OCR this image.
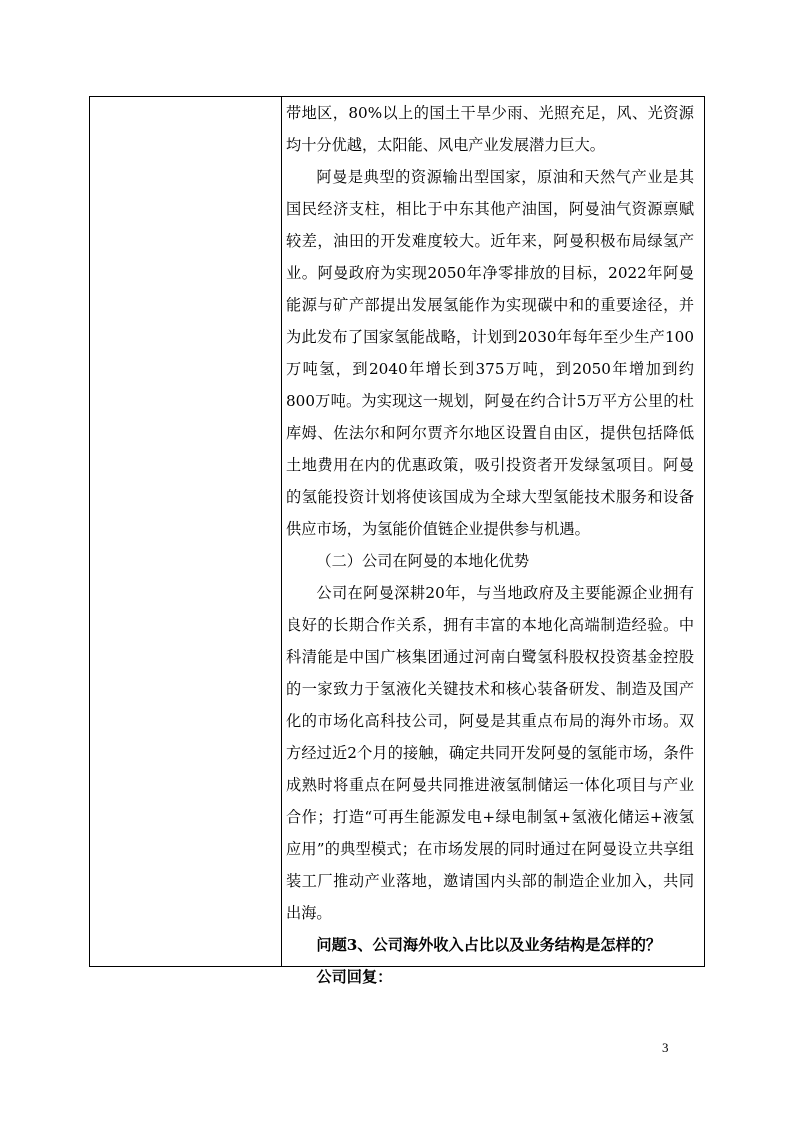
带地区，80%以上的国土干旱少雨、光照充足，风、光资源均十分优越，太阳能、风电产业发展潜力巨大。

阿曼是典型的资源输出型国家，原油和天然气产业是其国民经济支柱，相比于中东其他产油国，阿曼油气资源禀赋较差，油田的开发难度较大。近年来，阿曼积极布局绿氢产业。阿曼政府为实现2050年净零排放的目标，2022年阿曼能源与矿产部提出发展氢能作为实现碳中和的重要途径，并为此发布了国家氢能战略，计划到2030年每年至少生产100万吨氢，到2040年增长到375万吨，到2050年增加到约800万吨。为实现这一规划，阿曼在约合计5万平方公里的杜库姆、佐法尔和阿尔贾齐尔地区设置自由区，提供包括降低土地费用在内的优惠政策，吸引投资者开发绿氢项目。阿曼的氢能投资计划将使该国成为全球大型氢能技术服务和设备供应市场，为氢能价值链企业提供参与机遇。

（二）公司在阿曼的本地化优势

公司在阿曼深耕20年，与当地政府及主要能源企业拥有良好的长期合作关系，拥有丰富的本地化高端制造经验。中科清能是中国广核集团通过河南白鹭氢科股权投资基金控股的一家致力于氢液化关键技术和核心装备研发、制造及国产化的市场化高科技公司，阿曼是其重点布局的海外市场。双方经过近2个月的接触，确定共同开发阿曼的氢能市场，条件成熟时将重点在阿曼共同推进液氢制储运一体化项目与产业合作；打造“可再生能源发电+绿电制氢+氢液化储运+液氢应用”的典型模式；在市场发展的同时通过在阿曼设立共享组装工厂推动产业落地，邀请国内头部的制造企业加入，共同出海。

问题3、公司海外收入占比以及业务结构是怎样的？

公司回复：

3
